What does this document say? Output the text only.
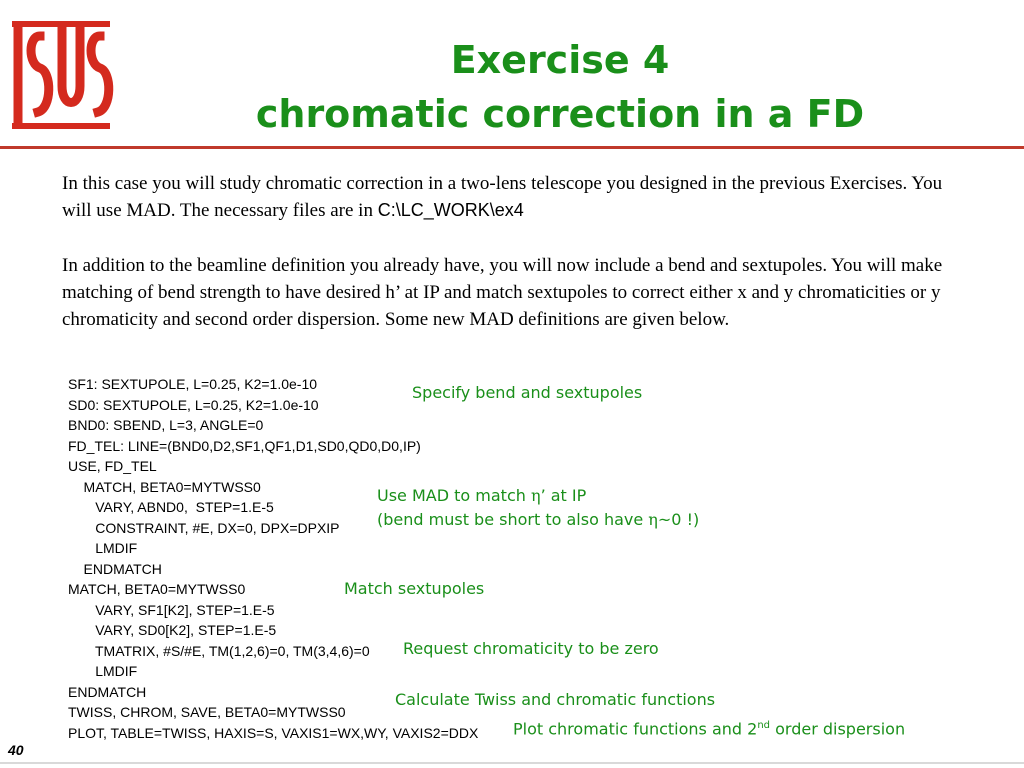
Exercise 4
chromatic correction in a FD
In this case you will study chromatic correction in a two-lens telescope you designed in the previous Exercises. You will use MAD. The necessary files are in C:\LC_WORK\ex4
In addition to the beamline definition you already have, you will now include a bend and sextupoles. You will make matching of bend strength to have desired h’ at IP and match sextupoles to correct either x and y chromaticities or y chromaticity and second order dispersion. Some new MAD definitions are given below.
SF1: SEXTUPOLE, L=0.25, K2=1.0e-10
SD0: SEXTUPOLE, L=0.25, K2=1.0e-10
BND0: SBEND, L=3, ANGLE=0
FD_TEL: LINE=(BND0,D2,SF1,QF1,D1,SD0,QD0,D0,IP)
USE, FD_TEL
MATCH, BETA0=MYTWSS0
VARY, ABND0,  STEP=1.E-5
CONSTRAINT, #E, DX=0, DPX=DPXIP
LMDIF
ENDMATCH
MATCH, BETA0=MYTWSS0
VARY, SF1[K2], STEP=1.E-5
VARY, SD0[K2], STEP=1.E-5
TMATRIX, #S/#E, TM(1,2,6)=0, TM(3,4,6)=0
LMDIF
ENDMATCH
TWISS, CHROM, SAVE, BETA0=MYTWSS0
PLOT, TABLE=TWISS, HAXIS=S, VAXIS1=WX,WY, VAXIS2=DDX
Specify bend and sextupoles
Use MAD to match η’ at IP
(bend must be short to also have η~0 !)
Match sextupoles
Request chromaticity to be zero
Calculate Twiss and chromatic functions
Plot chromatic functions and 2nd order dispersion
40
